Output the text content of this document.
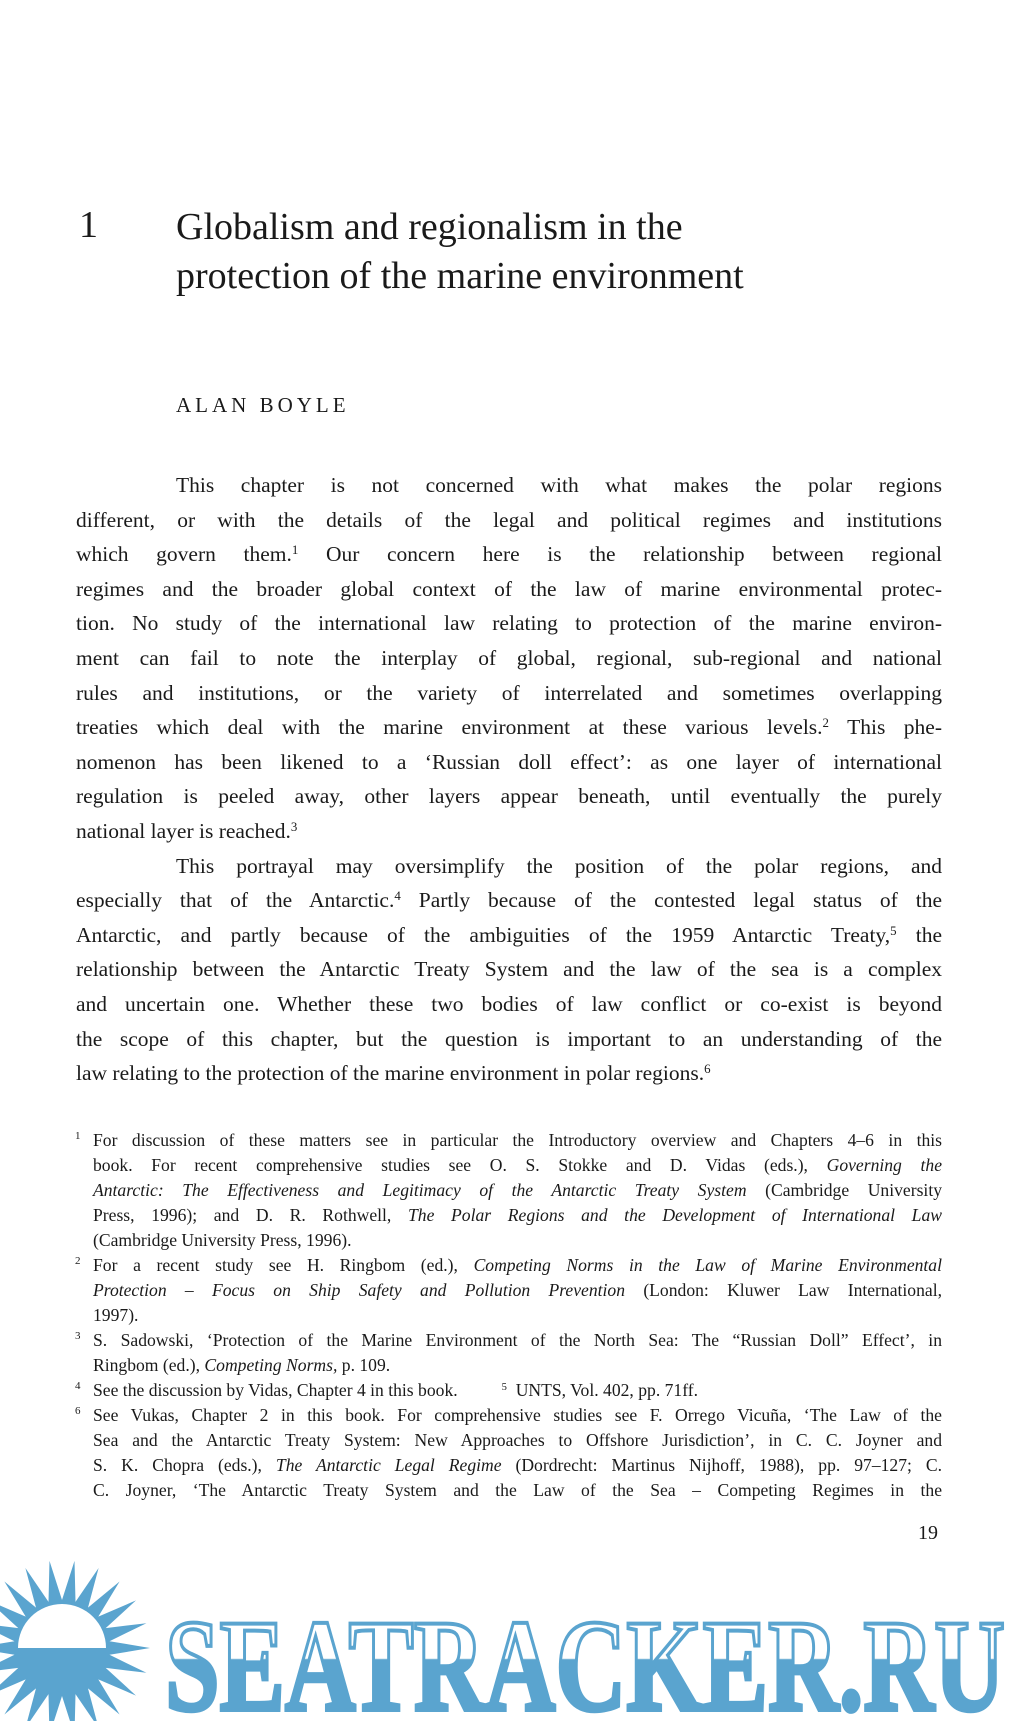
1 Globalism and regionalism in the
protection of the marine environment
ALAN BOYLE
This chapter is not concerned with what makes the polar regions
different, or with the details of the legal and political regimes and institutions
which govern them.$^1$ Our concern here is the relationship between regional
regimes and the broader global context of the law of marine environmental protec-
tion. No study of the international law relating to protection of the marine environ-
ment can fail to note the interplay of global, regional, sub-regional and national
rules and institutions, or the variety of interrelated and sometimes overlapping
treaties which deal with the marine environment at these various levels.$^2$ This phe-
nomenon has been likened to a ‘Russian doll effect’: as one layer of international
regulation is peeled away, other layers appear beneath, until eventually the purely
national layer is reached.$^3$
This portrayal may oversimplify the position of the polar regions, and
especially that of the Antarctic.$^4$ Partly because of the contested legal status of the
Antarctic, and partly because of the ambiguities of the 1959 Antarctic Treaty,$^5$ the
relationship between the Antarctic Treaty System and the law of the sea is a complex
and uncertain one. Whether these two bodies of law conflict or co-exist is beyond
the scope of this chapter, but the question is important to an understanding of the
law relating to the protection of the marine environment in polar regions.$^6$
1 For discussion of these matters see in particular the Introductory overview and Chapters 4–6 in this
book. For recent comprehensive studies see O. S. Stokke and D. Vidas (eds.), Governing the
Antarctic: The Effectiveness and Legitimacy of the Antarctic Treaty System (Cambridge University
Press, 1996); and D. R. Rothwell, The Polar Regions and the Development of International Law
(Cambridge University Press, 1996).
2 For a recent study see H. Ringbom (ed.), Competing Norms in the Law of Marine Environmental
Protection – Focus on Ship Safety and Pollution Prevention (London: Kluwer Law International,
1997).
3 S. Sadowski, ‘Protection of the Marine Environment of the North Sea: The “Russian Doll” Effect’, in
Ringbom (ed.), Competing Norms, p. 109.
4 See the discussion by Vidas, Chapter 4 in this book.	$^5$  UNTS, Vol. 402, pp. 71ff.
6 See Vukas, Chapter 2 in this book. For comprehensive studies see F. Orrego Vicuña, ‘The Law of the
Sea and the Antarctic Treaty System: New Approaches to Offshore Jurisdiction’, in C. C. Joyner and
S. K. Chopra (eds.), The Antarctic Legal Regime (Dordrecht: Martinus Nijhoff, 1988), pp. 97–127; C.
C. Joyner, ‘The Antarctic Treaty System and the Law of the Sea – Competing Regimes in the
19
SEATRACKER.RU
